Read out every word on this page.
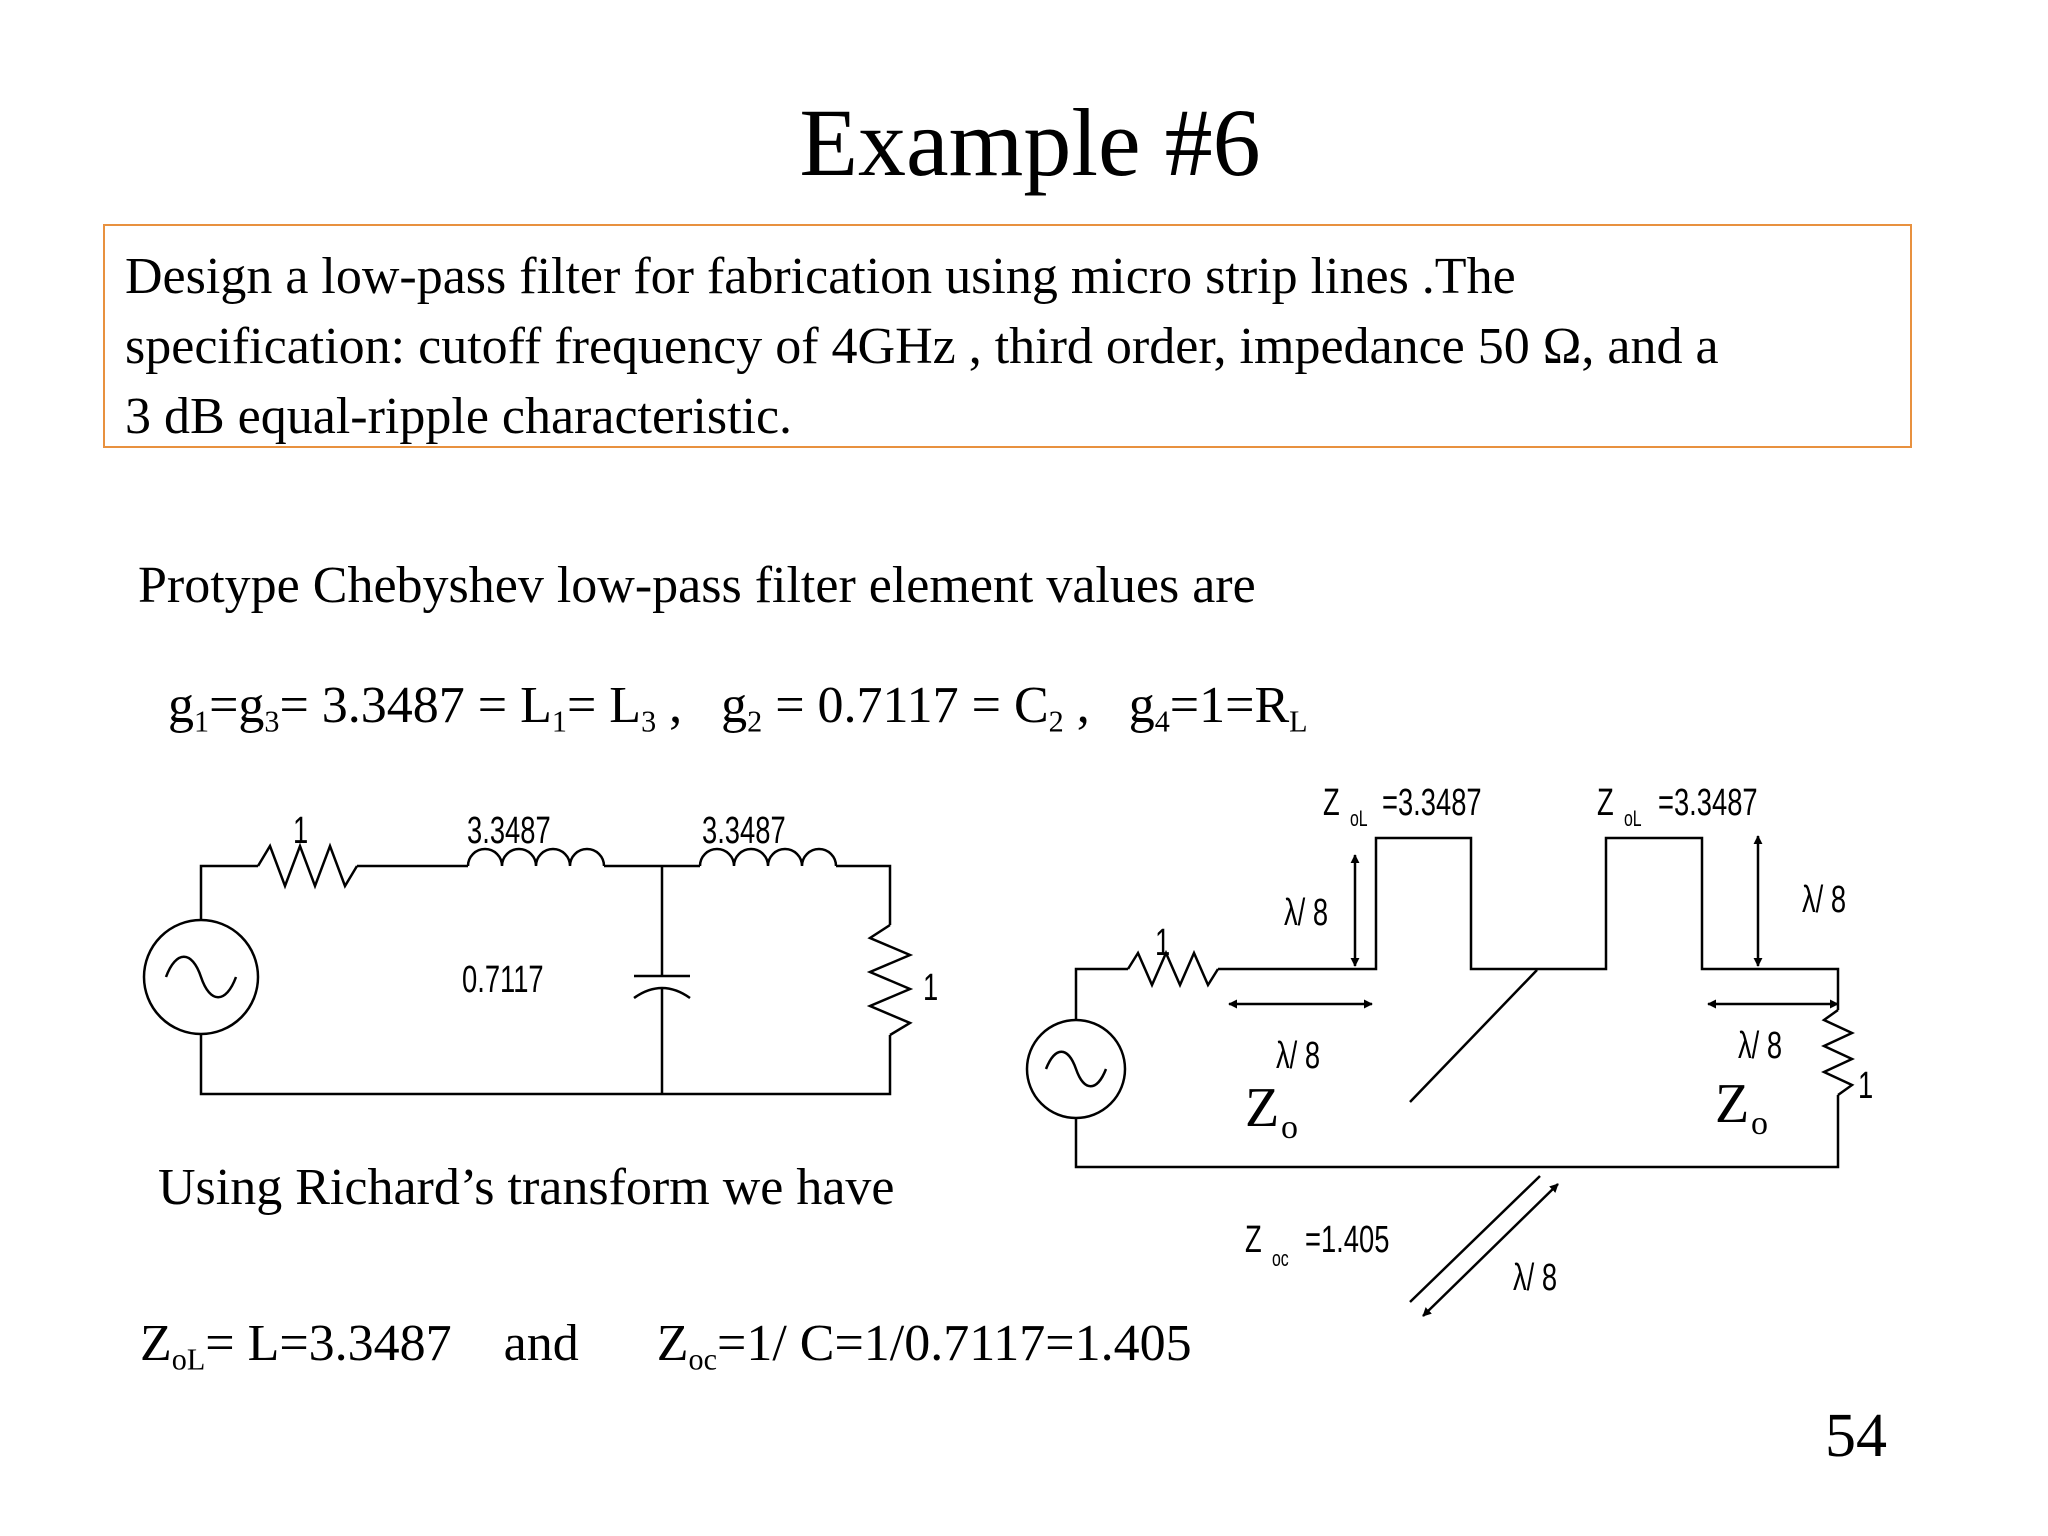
Example #6
Design a low-pass filter for fabrication using micro strip lines .The
specification: cutoff frequency of 4GHz , third order, impedance 50 Ω, and a
3 dB equal-ripple characteristic.
Protype Chebyshev low-pass filter element values are
$g_1=g_3= 3.3487 = L_1= L_3$ ,   $g_2 = 0.7117 = C_2$ ,   $g_4=1=R_L$
Using Richard’s transform we have
$Z_{oL}= L=3.3487$    and      $Z_{oc}=1/$ C=1/0.7117=1.405
54
1	3.3487	3.3487
0.7117	1
1
1
Z oL =3.3487	Z oL =3.3487
λ/ 8	λ/ 8
λ/ 8	λ/ 8
Z o	Z o
Z oc =1.405
λ/ 8
